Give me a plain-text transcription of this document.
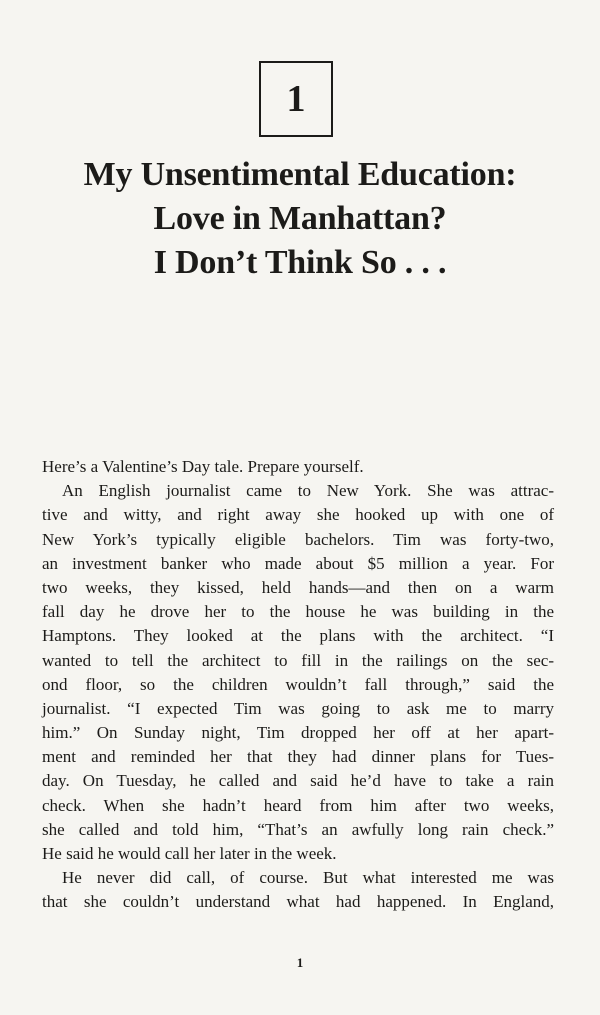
1
My Unsentimental Education:
Love in Manhattan?
I Don’t Think So . . .
Here’s a Valentine’s Day tale. Prepare yourself.
An English journalist came to New York. She was attrac-
tive and witty, and right away she hooked up with one of
New York’s typically eligible bachelors. Tim was forty-two,
an investment banker who made about $5 million a year. For
two weeks, they kissed, held hands—and then on a warm
fall day he drove her to the house he was building in the
Hamptons. They looked at the plans with the architect. “I
wanted to tell the architect to fill in the railings on the sec-
ond floor, so the children wouldn’t fall through,” said the
journalist. “I expected Tim was going to ask me to marry
him.” On Sunday night, Tim dropped her off at her apart-
ment and reminded her that they had dinner plans for Tues-
day. On Tuesday, he called and said he’d have to take a rain
check. When she hadn’t heard from him after two weeks,
she called and told him, “That’s an awfully long rain check.”
He said he would call her later in the week.
He never did call, of course. But what interested me was
that she couldn’t understand what had happened. In England,
1
